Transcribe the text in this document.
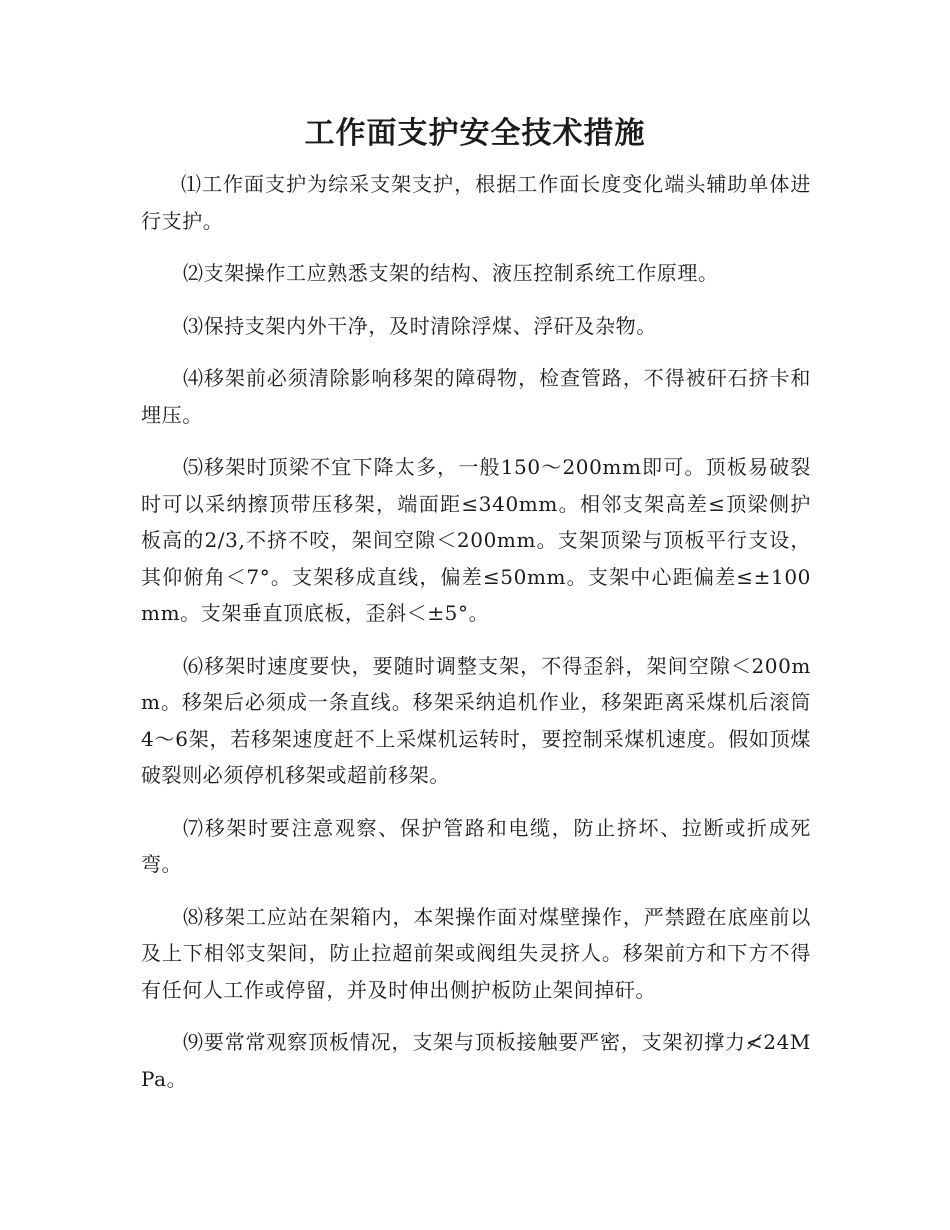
工作面支护安全技术措施

⑴工作面支护为综采支架支护，根据工作面长度变化端头辅助单体进行支护。

⑵支架操作工应熟悉支架的结构、液压控制系统工作原理。

⑶保持支架内外干净，及时清除浮煤、浮矸及杂物。

⑷移架前必须清除影响移架的障碍物，检查管路，不得被矸石挤卡和埋压。

⑸移架时顶梁不宜下降太多，一般150～200mm即可。顶板易破裂时可以采纳擦顶带压移架，端面距≤340mm。相邻支架高差≤顶梁侧护板高的2/3,不挤不咬，架间空隙＜200mm。支架顶梁与顶板平行支设，其仰俯角＜7°。支架移成直线，偏差≤50mm。支架中心距偏差≤±100mm。支架垂直顶底板，歪斜＜±5°。

⑹移架时速度要快，要随时调整支架，不得歪斜，架间空隙＜200mm。移架后必须成一条直线。移架采纳追机作业，移架距离采煤机后滚筒4～6架，若移架速度赶不上采煤机运转时，要控制采煤机速度。假如顶煤破裂则必须停机移架或超前移架。

⑺移架时要注意观察、保护管路和电缆，防止挤坏、拉断或折成死弯。

⑻移架工应站在架箱内，本架操作面对煤壁操作，严禁蹬在底座前以及上下相邻支架间，防止拉超前架或阀组失灵挤人。移架前方和下方不得有任何人工作或停留，并及时伸出侧护板防止架间掉矸。

⑼要常常观察顶板情况，支架与顶板接触要严密，支架初撑力≮24MPa。
